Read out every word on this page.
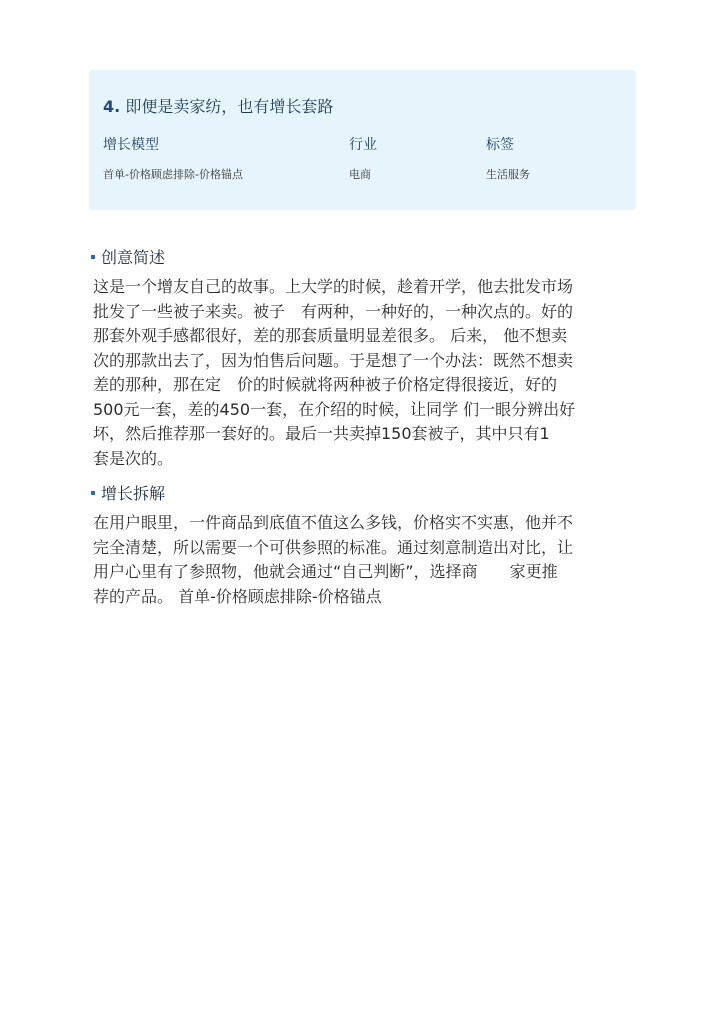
4. 即便是卖家纺，也有增长套路
增长模型	行业	标签
首单-价格顾虑排除-价格锚点	电商	生活服务
创意简述
这是一个增友自己的故事。上大学的时候，趁着开学，他去批发市场
批发了一些被子来卖。被子　有两种，一种好的，一种次点的。好的
那套外观手感都很好，差的那套质量明显差很多。 后来， 他不想卖
次的那款出去了，因为怕售后问题。于是想了一个办法：既然不想卖
差的那种，那在定　价的时候就将两种被子价格定得很接近，好的
500元一套，差的450一套，在介绍的时候，让同学 们一眼分辨出好
坏，然后推荐那一套好的。最后一共卖掉150套被子，其中只有1
套是次的。
增长拆解
在用户眼里，一件商品到底值不值这么多钱，价格实不实惠，他并不
完全清楚，所以需要一个可供参照的标准。通过刻意制造出对比，让
用户心里有了参照物，他就会通过“自己判断”，选择商　　家更推
荐的产品。 首单-价格顾虑排除-价格锚点
